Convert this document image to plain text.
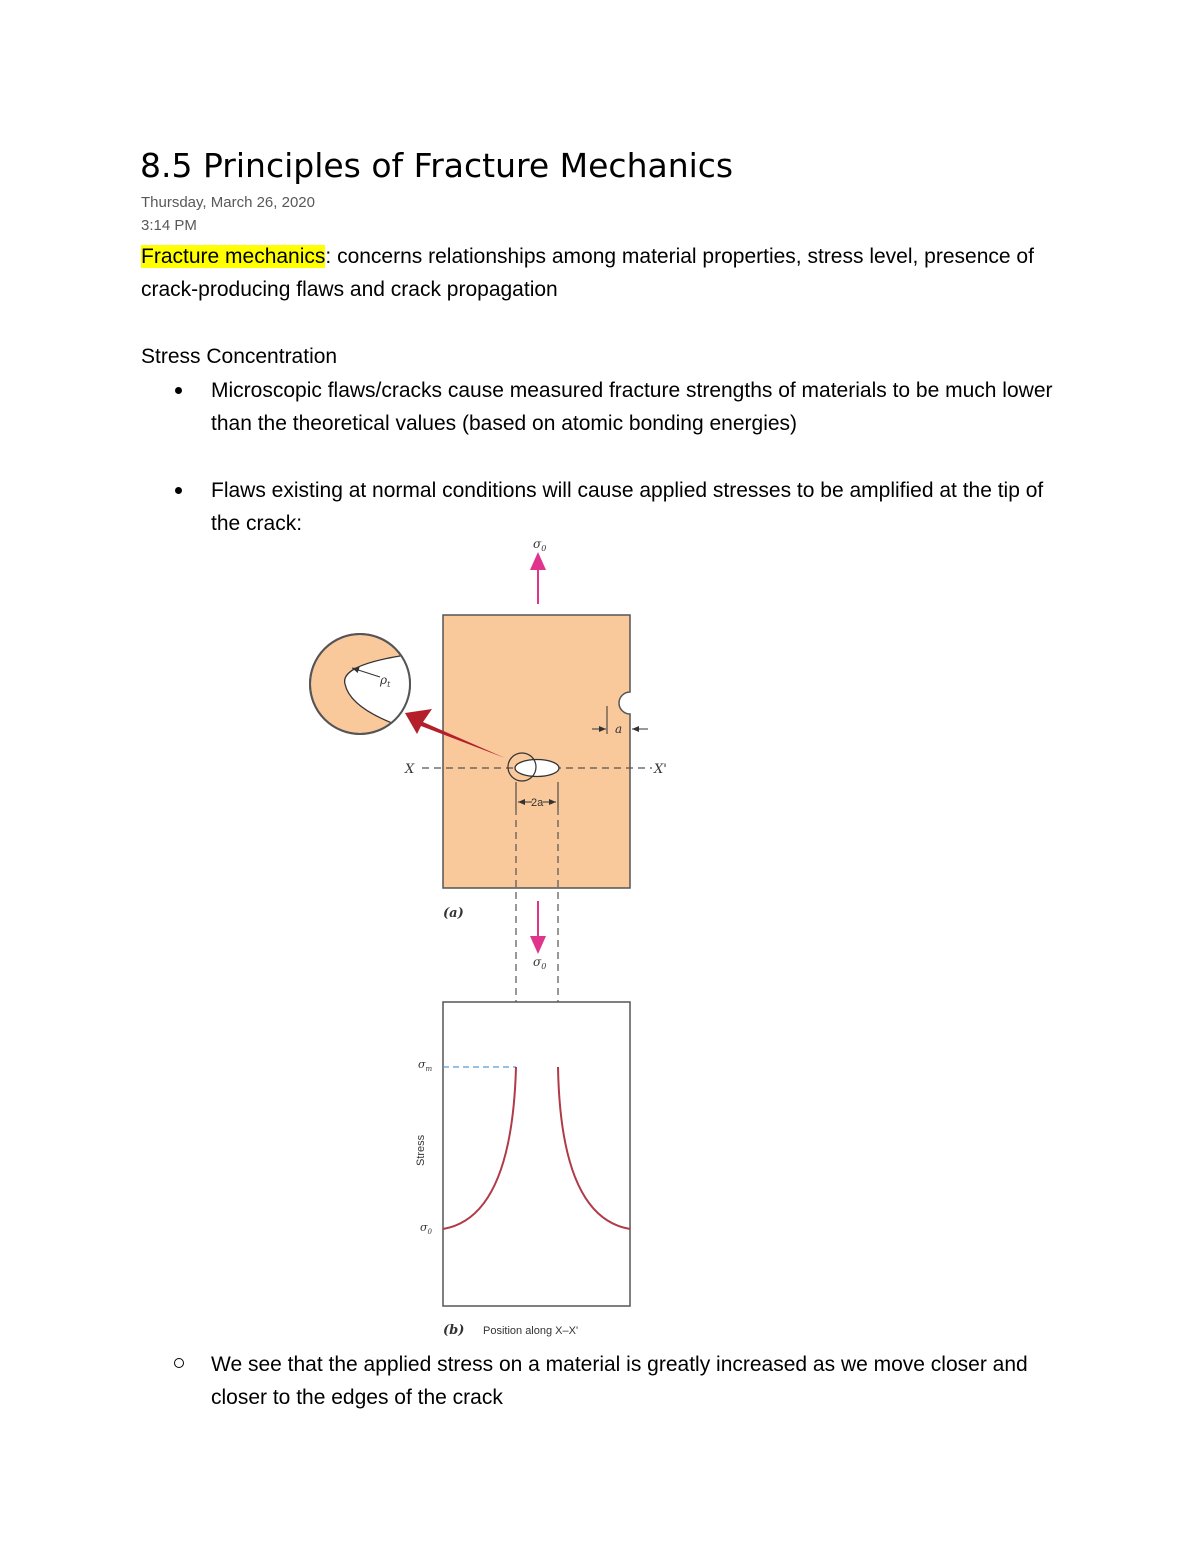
8.5 Principles of Fracture Mechanics
Thursday, March 26, 2020
3:14 PM
Fracture mechanics: concerns relationships among material properties, stress level, presence of crack-producing flaws and crack propagation
Stress Concentration
Microscopic flaws/cracks cause measured fracture strengths of materials to be much lower than the theoretical values (based on atomic bonding energies)
Flaws existing at normal conditions will cause applied stresses to be amplified at the tip of the crack:
$\sigma_0$
a
X	X'
2a
$\rho_t$
(a)
$\sigma_0$
$\sigma_m$
$\sigma_0$
Stress
(b) Position along X–X'
We see that the applied stress on a material is greatly increased as we move closer and closer to the edges of the crack
